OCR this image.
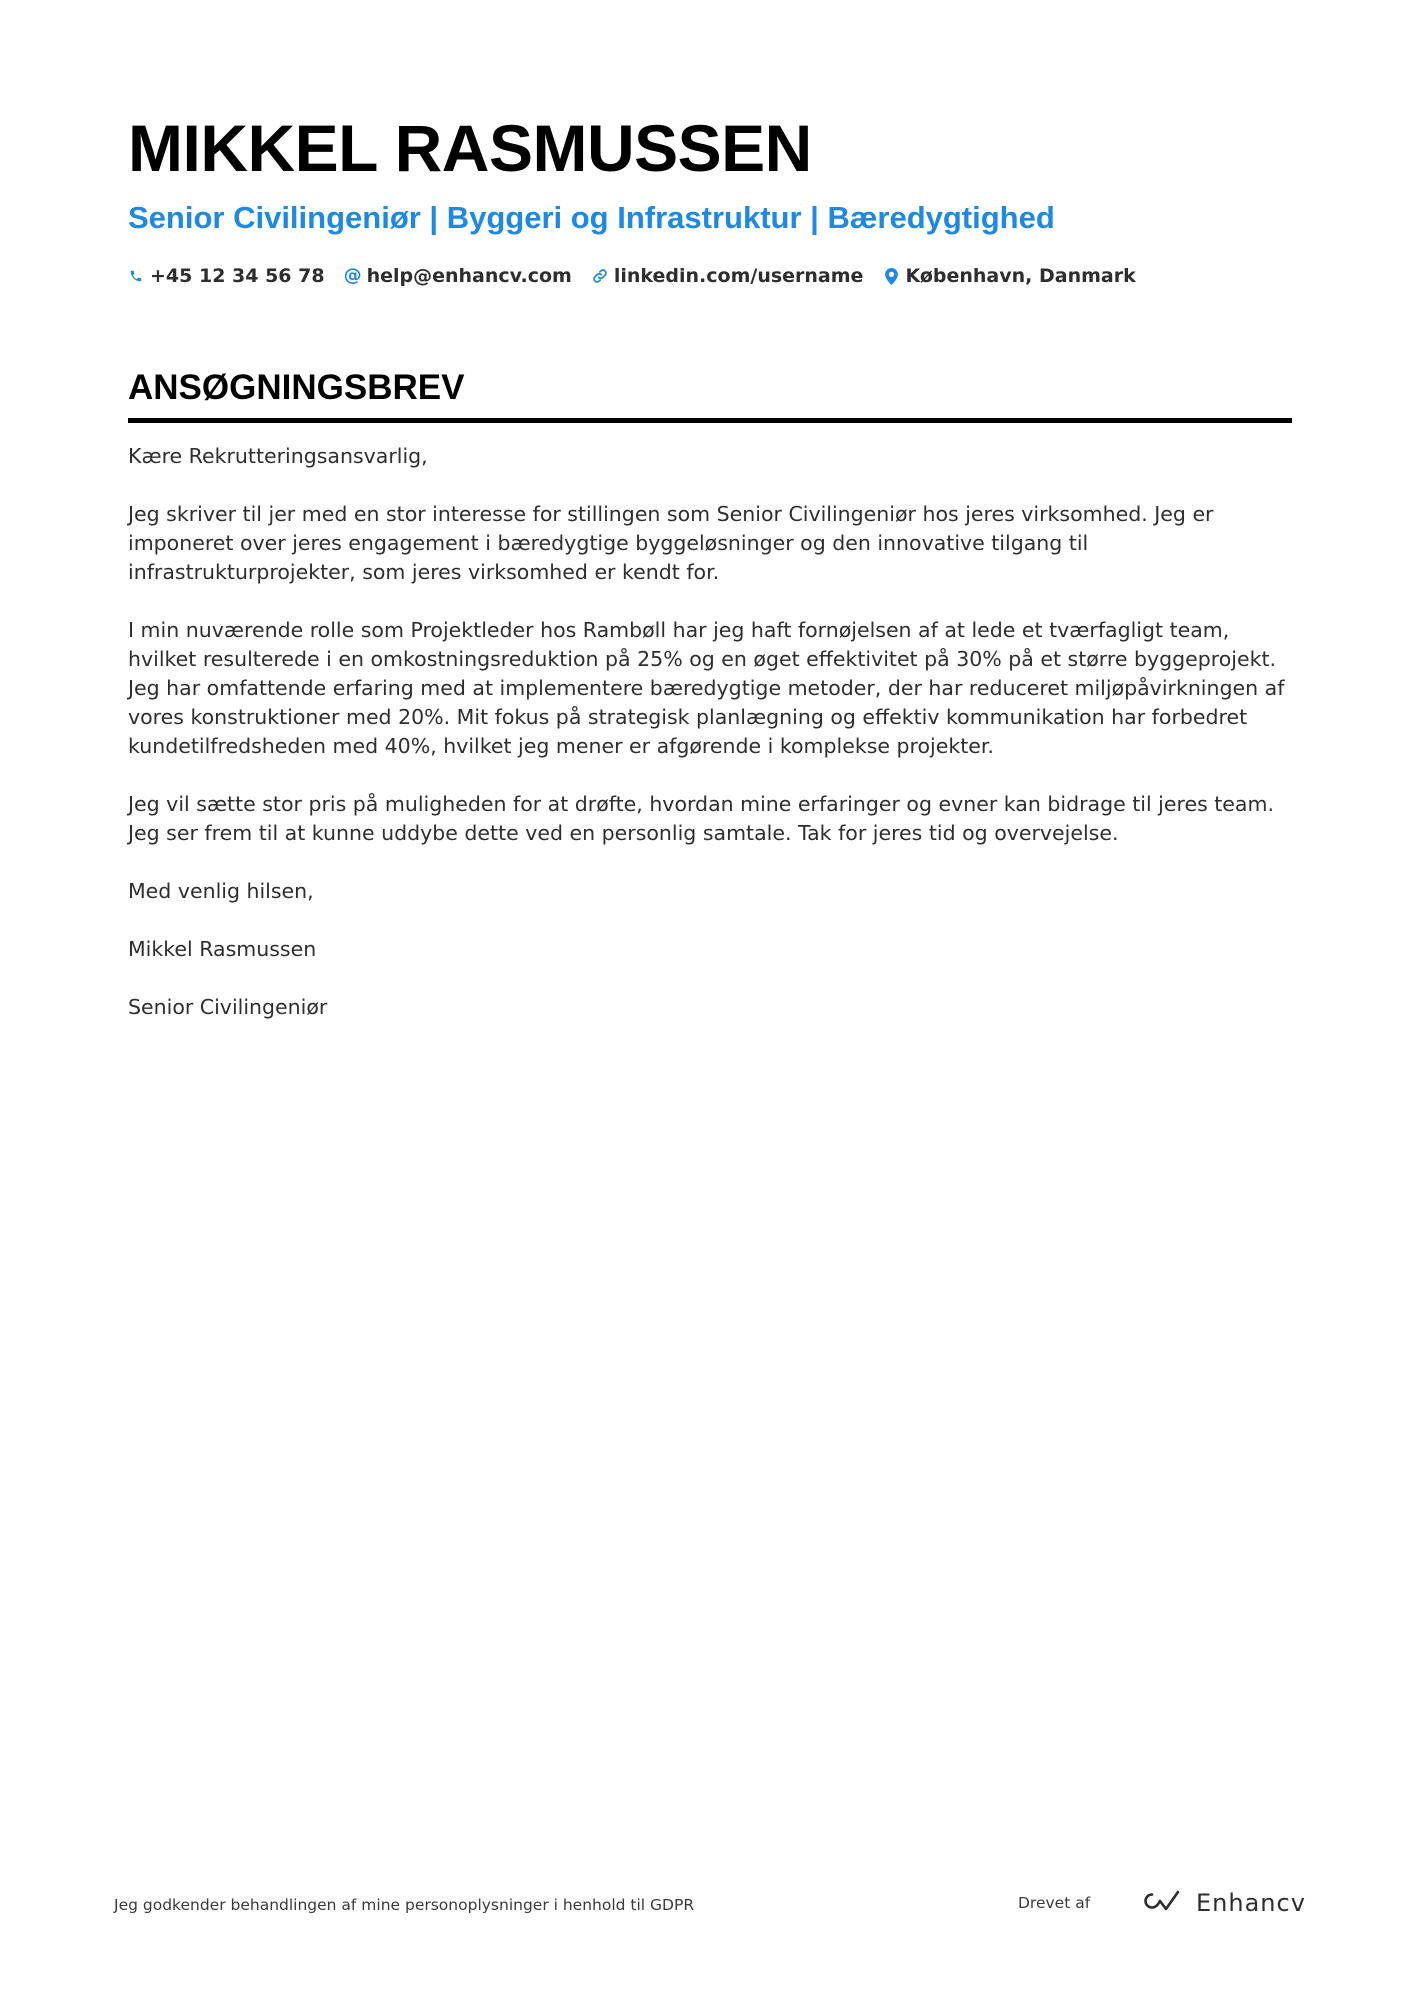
MIKKEL RASMUSSEN
Senior Civilingeniør | Byggeri og Infrastruktur | Bæredygtighed
+45 12 34 56 78 @ help@enhancv.com linkedin.com/username København, Danmark
ANSØGNINGSBREV

Kære Rekrutteringsansvarlig,

Jeg skriver til jer med en stor interesse for stillingen som Senior Civilingeniør hos jeres virksomhed. Jeg er imponeret over jeres engagement i bæredygtige byggeløsninger og den innovative tilgang til infrastrukturprojekter, som jeres virksomhed er kendt for.

I min nuværende rolle som Projektleder hos Rambøll har jeg haft fornøjelsen af at lede et tværfagligt team, hvilket resulterede i en omkostningsreduktion på 25% og en øget effektivitet på 30% på et større byggeprojekt. Jeg har omfattende erfaring med at implementere bæredygtige metoder, der har reduceret miljøpåvirkningen af vores konstruktioner med 20%. Mit fokus på strategisk planlægning og effektiv kommunikation har forbedret kundetilfredsheden med 40%, hvilket jeg mener er afgørende i komplekse projekter.

Jeg vil sætte stor pris på muligheden for at drøfte, hvordan mine erfaringer og evner kan bidrage til jeres team. Jeg ser frem til at kunne uddybe dette ved en personlig samtale. Tak for jeres tid og overvejelse.

Med venlig hilsen,

Mikkel Rasmussen

Senior Civilingeniør

Jeg godkender behandlingen af mine personoplysninger i henhold til GDPR	Drevet af	Enhancv
